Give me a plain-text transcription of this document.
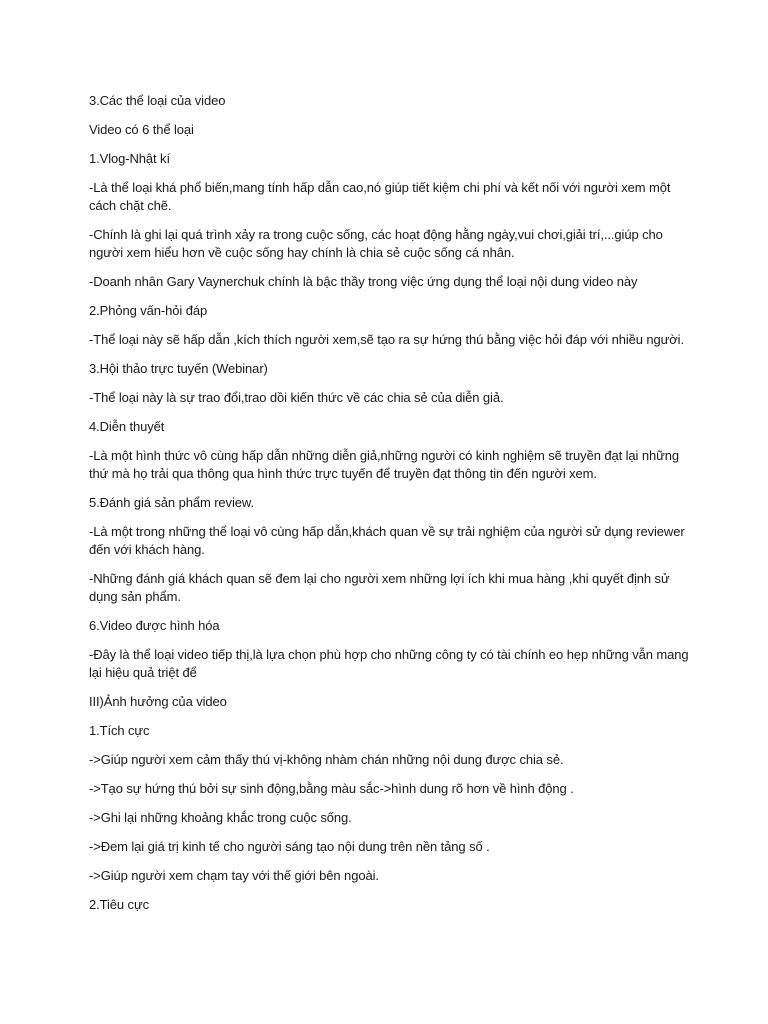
3.Các thể loại của video

Video có 6 thể loại

1.Vlog-Nhật kí

-Là thể loại khá phổ biến,mang tính hấp dẫn cao,nó giúp tiết kiệm chi phí và kết nối với người xem một cách chặt chẽ.

-Chính là ghi lại quá trình xảy ra trong cuộc sống, các hoạt động hằng ngày,vui chơi,giải trí,...giúp cho người xem hiểu hơn về cuộc sống hay chính là chia sẻ cuộc sống cá nhân.

-Doanh nhân Gary Vaynerchuk chính là bậc thầy trong việc ứng dụng thể loại nội dung video này

2.Phỏng vấn-hỏi đáp

-Thể loại này sẽ hấp dẫn ,kích thích người xem,sẽ tạo ra sự hứng thú bằng việc hỏi đáp với nhiều người.

3.Hội thảo trực tuyến (Webinar)

-Thể loại này là sự trao đổi,trao dồi kiến thức về các chia sẻ của diễn giả.

4.Diễn thuyết

-Là một hình thức vô cùng hấp dẫn những diễn giả,những người có kinh nghiệm sẽ truyền đạt lại những thứ mà họ trải qua thông qua hình thức trực tuyến để truyền đạt thông tin đến người xem.

5.Đánh giá sản phẩm review.

-Là một trong những thể loại vô cùng hấp dẫn,khách quan về sự trải nghiệm của người sử dụng reviewer đến với khách hàng.

-Những đánh giá khách quan sẽ đem lại cho người xem những lợi ích khi mua hàng ,khi quyết định sử dụng sản phẩm.

6.Video được hình hóa

-Đây là thể loại video tiếp thị,là lựa chọn phù hợp cho những công ty có tài chính eo hẹp những vẫn mang lại hiệu quả triệt để

III)Ảnh hưởng của video

1.Tích cực

->Giúp người xem cảm thấy thú vị-không nhàm chán những nội dung được chia sẻ.

->Tạo sự hứng thú bởi sự sinh động,bằng màu sắc->hình dung rõ hơn về hình động .

->Ghi lại những khoảng khắc trong cuộc sống.

->Đem lại giá trị kinh tế cho người sáng tạo nội dung trên nền tảng số .

->Giúp người xem chạm tay với thế giới bên ngoài.

2.Tiêu cực
